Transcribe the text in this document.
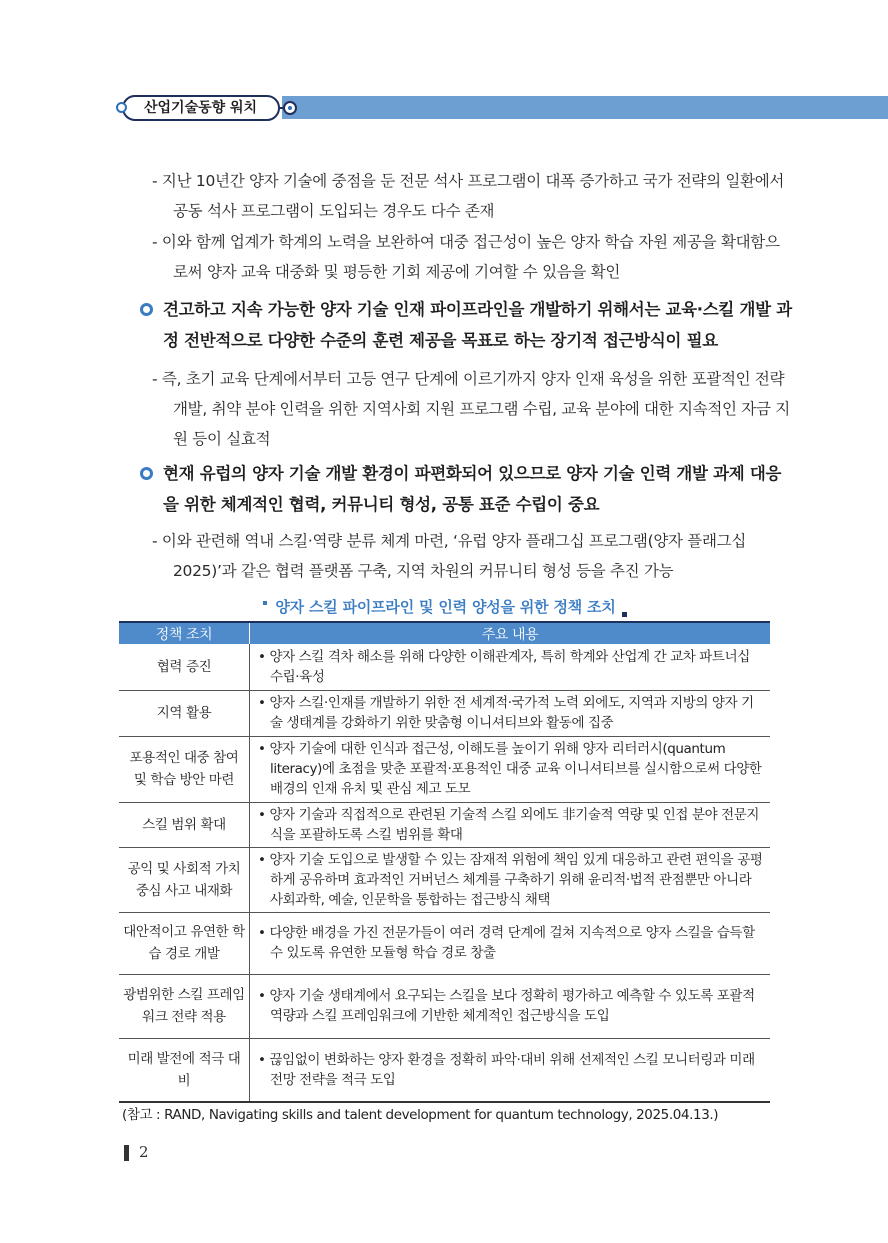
산업기술동향 워치
- 지난 10년간 양자 기술에 중점을 둔 전문 석사 프로그램이 대폭 증가하고 국가 전략의 일환에서 공동 석사 프로그램이 도입되는 경우도 다수 존재
- 이와 함께 업계가 학계의 노력을 보완하여 대중 접근성이 높은 양자 학습 자원 제공을 확대함으로써 양자 교육 대중화 및 평등한 기회 제공에 기여할 수 있음을 확인
견고하고 지속 가능한 양자 기술 인재 파이프라인을 개발하기 위해서는 교육·스킬 개발 과정 전반적으로 다양한 수준의 훈련 제공을 목표로 하는 장기적 접근방식이 필요
- 즉, 초기 교육 단계에서부터 고등 연구 단계에 이르기까지 양자 인재 육성을 위한 포괄적인 전략 개발, 취약 분야 인력을 위한 지역사회 지원 프로그램 수립, 교육 분야에 대한 지속적인 자금 지원 등이 실효적
현재 유럽의 양자 기술 개발 환경이 파편화되어 있으므로 양자 기술 인력 개발 과제 대응을 위한 체계적인 협력, 커뮤니티 형성, 공통 표준 수립이 중요
- 이와 관련해 역내 스킬·역량 분류 체계 마련, ‘유럽 양자 플래그십 프로그램(양자 플래그십 2025)’과 같은 협력 플랫폼 구축, 지역 차원의 커뮤니티 형성 등을 추진 가능
양자 스킬 파이프라인 및 인력 양성을 위한 정책 조치
정책 조치	주요 내용
협력 증진	• 양자 스킬 격차 해소를 위해 다양한 이해관계자, 특히 학계와 산업계 간 교차 파트너십 수립·육성
지역 활용	• 양자 스킬·인재를 개발하기 위한 전 세계적·국가적 노력 외에도, 지역과 지방의 양자 기술 생태계를 강화하기 위한 맞춤형 이니셔티브와 활동에 집중
포용적인 대중 참여 및 학습 방안 마련	• 양자 기술에 대한 인식과 접근성, 이해도를 높이기 위해 양자 리터러시(quantum literacy)에 초점을 맞춘 포괄적·포용적인 대중 교육 이니셔티브를 실시함으로써 다양한 배경의 인재 유치 및 관심 제고 도모
스킬 범위 확대	• 양자 기술과 직접적으로 관련된 기술적 스킬 외에도 非기술적 역량 및 인접 분야 전문지식을 포괄하도록 스킬 범위를 확대
공익 및 사회적 가치 중심 사고 내재화	• 양자 기술 도입으로 발생할 수 있는 잠재적 위험에 책임 있게 대응하고 관련 편익을 공평하게 공유하며 효과적인 거버넌스 체계를 구축하기 위해 윤리적·법적 관점뿐만 아니라 사회과학, 예술, 인문학을 통합하는 접근방식 채택
대안적이고 유연한 학습 경로 개발	• 다양한 배경을 가진 전문가들이 여러 경력 단계에 걸쳐 지속적으로 양자 스킬을 습득할 수 있도록 유연한 모듈형 학습 경로 창출
광범위한 스킬 프레임워크 전략 적용	• 양자 기술 생태계에서 요구되는 스킬을 보다 정확히 평가하고 예측할 수 있도록 포괄적 역량과 스킬 프레임워크에 기반한 체계적인 접근방식을 도입
미래 발전에 적극 대비	• 끊임없이 변화하는 양자 환경을 정확히 파악·대비 위해 선제적인 스킬 모니터링과 미래 전망 전략을 적극 도입
(참고 : RAND, Navigating skills and talent development for quantum technology, 2025.04.13.)
2
